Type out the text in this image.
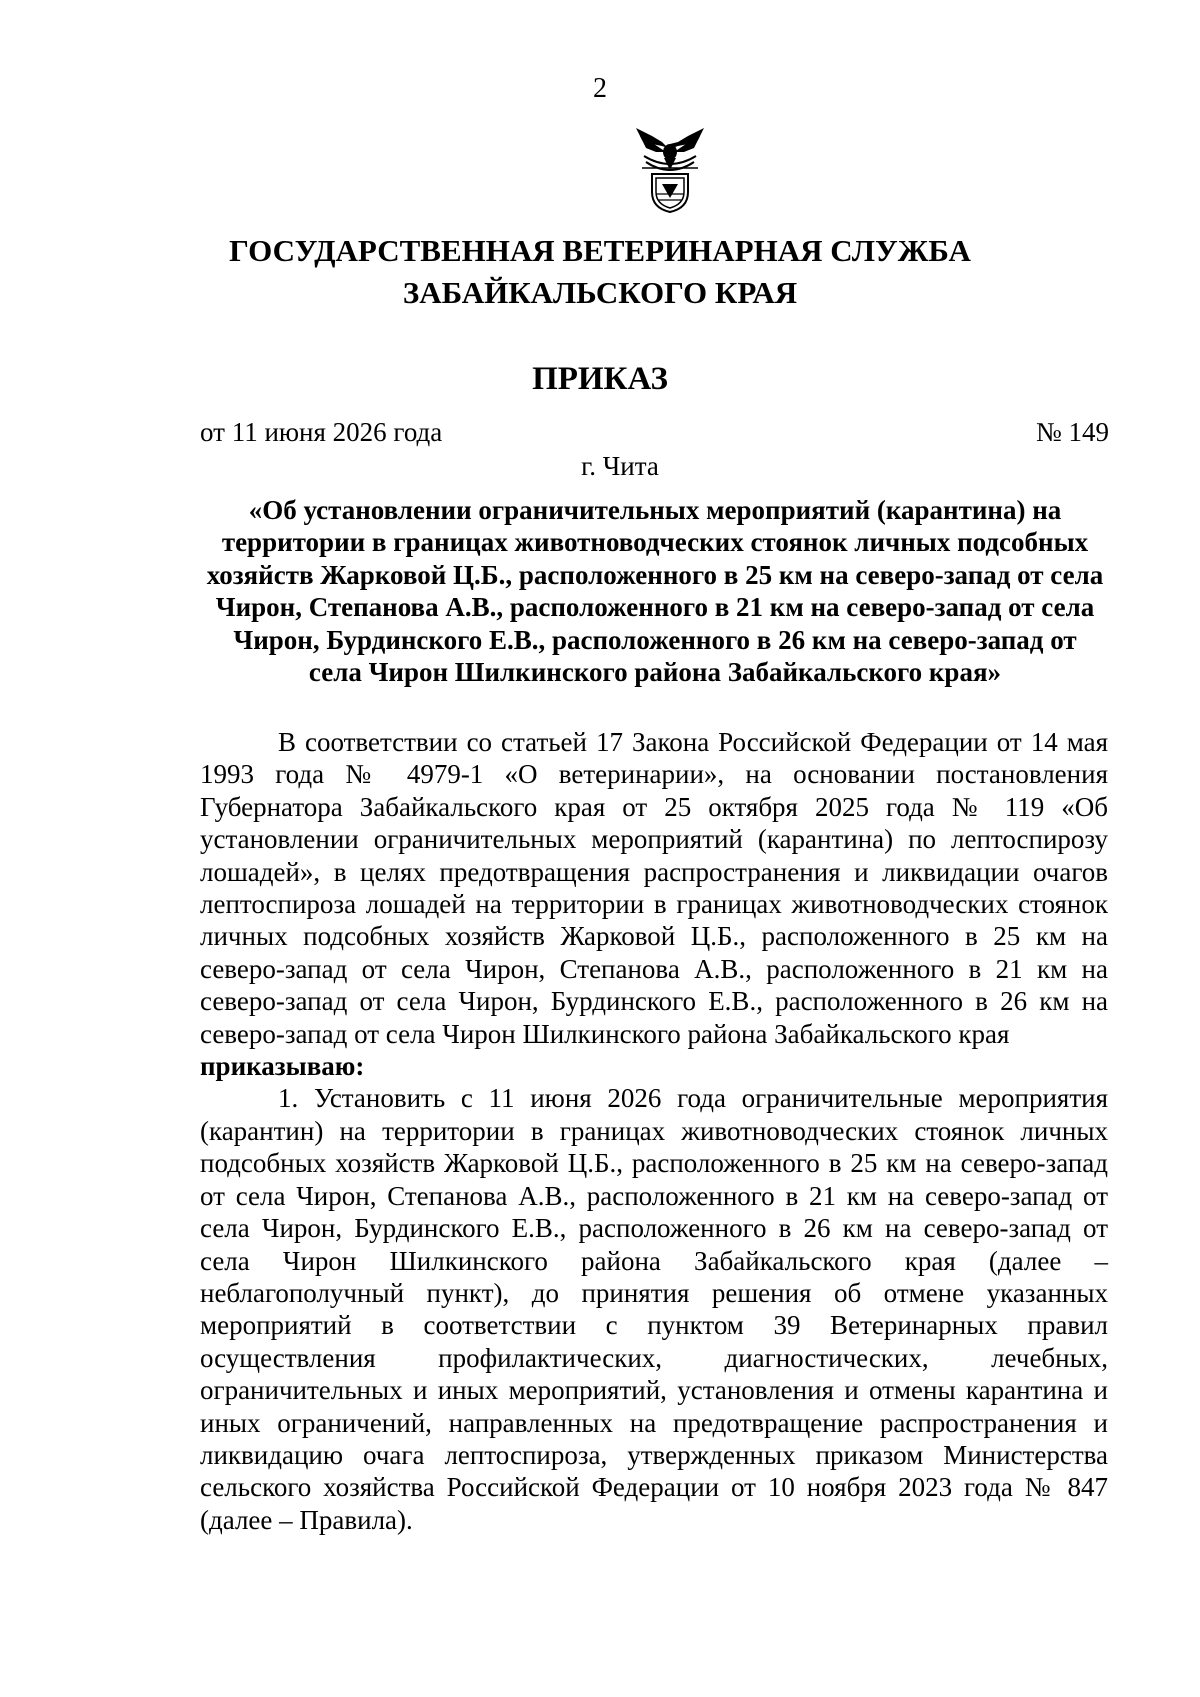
2
ГОСУДАРСТВЕННАЯ ВЕТЕРИНАРНАЯ СЛУЖБА
ЗАБАЙКАЛЬСКОГО КРАЯ
ПРИКАЗ
от 11 июня 2026 года	№ 149
г. Чита
«Об установлении ограничительных мероприятий (карантина) на
территории в границах животноводческих стоянок личных подсобных
хозяйств Жарковой Ц.Б., расположенного в 25 км на северо-запад от села
Чирон, Степанова А.В., расположенного в 21 км на северо-запад от села
Чирон, Бурдинского Е.В., расположенного в 26 км на северо-запад от
села Чирон Шилкинского района Забайкальского края»

В соответствии со статьей 17 Закона Российской Федерации от 14 мая 1993 года № 4979-1 «О ветеринарии», на основании постановления Губернатора Забайкальского края от 25 октября 2025 года № 119 «Об установлении ограничительных мероприятий (карантина) по лептоспирозу лошадей», в целях предотвращения распространения и ликвидации очагов лептоспироза лошадей на территории в границах животноводческих стоянок личных подсобных хозяйств Жарковой Ц.Б., расположенного в 25 км на северо-запад от села Чирон, Степанова А.В., расположенного в 21 км на северо-запад от села Чирон, Бурдинского Е.В., расположенного в 26 км на северо-запад от села Чирон Шилкинского района Забайкальского края

приказываю:

1. Установить с 11 июня 2026 года ограничительные мероприятия (карантин) на территории в границах животноводческих стоянок личных подсобных хозяйств Жарковой Ц.Б., расположенного в 25 км на северо-запад от села Чирон, Степанова А.В., расположенного в 21 км на северо-запад от села Чирон, Бурдинского Е.В., расположенного в 26 км на северо-запад от села Чирон Шилкинского района Забайкальского края (далее – неблагополучный пункт), до принятия решения об отмене указанных мероприятий в соответствии с пунктом 39 Ветеринарных правил осуществления профилактических, диагностических, лечебных, ограничительных и иных мероприятий, установления и отмены карантина и иных ограничений, направленных на предотвращение распространения и ликвидацию очага лептоспироза, утвержденных приказом Министерства сельского хозяйства Российской Федерации от 10 ноября 2023 года № 847 (далее – Правила).
